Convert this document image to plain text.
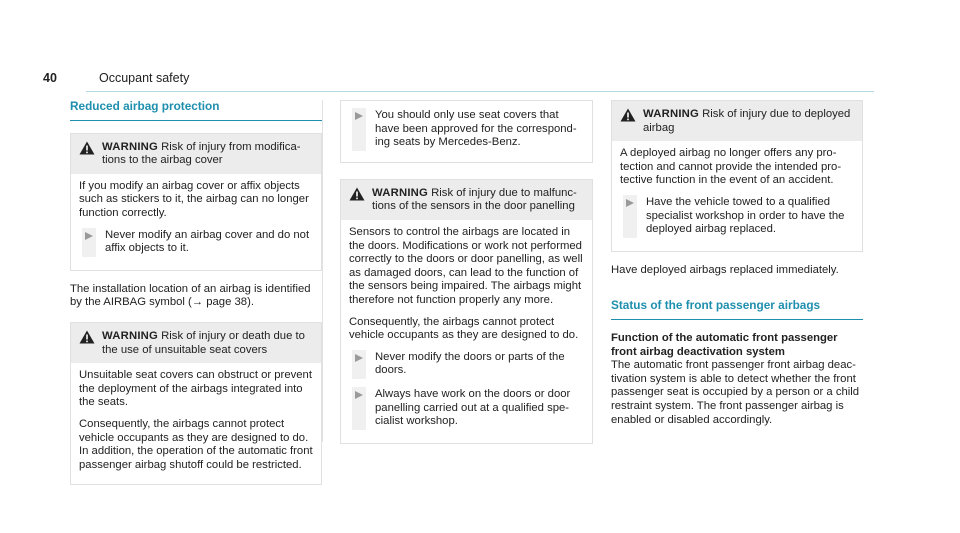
40	Occupant safety
Reduced airbag protection
WARNING Risk of injury from modifications to the airbag cover

If you modify an airbag cover or affix objects such as stickers to it, the airbag can no longer function correctly.

Never modify an airbag cover and do not affix objects to it.

The installation location of an airbag is identified by the AIRBAG symbol (→ page 38).

WARNING Risk of injury or death due to the use of unsuitable seat covers

Unsuitable seat covers can obstruct or prevent the deployment of the airbags integrated into the seats.

Consequently, the airbags cannot protect vehicle occupants as they are designed to do. In addition, the operation of the automatic front passenger airbag shutoff could be restricted.

You should only use seat covers that have been approved for the corresponding seats by Mercedes-Benz.
WARNING Risk of injury due to malfunctions of the sensors in the door panelling

Sensors to control the airbags are located in the doors. Modifications or work not performed correctly to the doors or door panelling, as well as damaged doors, can lead to the function of the sensors being impaired. The airbags might therefore not function properly any more.

Consequently, the airbags cannot protect vehicle occupants as they are designed to do.

Never modify the doors or parts of the doors.
Always have work on the doors or door panelling carried out at a qualified specialist workshop.
WARNING Risk of injury due to deployed airbag

A deployed airbag no longer offers any protection and cannot provide the intended protective function in the event of an accident.

Have the vehicle towed to a qualified specialist workshop in order to have the deployed airbag replaced.

Have deployed airbags replaced immediately.

Status of the front passenger airbags

Function of the automatic front passenger front airbag deactivation system

The automatic front passenger front airbag deactivation system is able to detect whether the front passenger seat is occupied by a person or a child restraint system. The front passenger airbag is enabled or disabled accordingly.
